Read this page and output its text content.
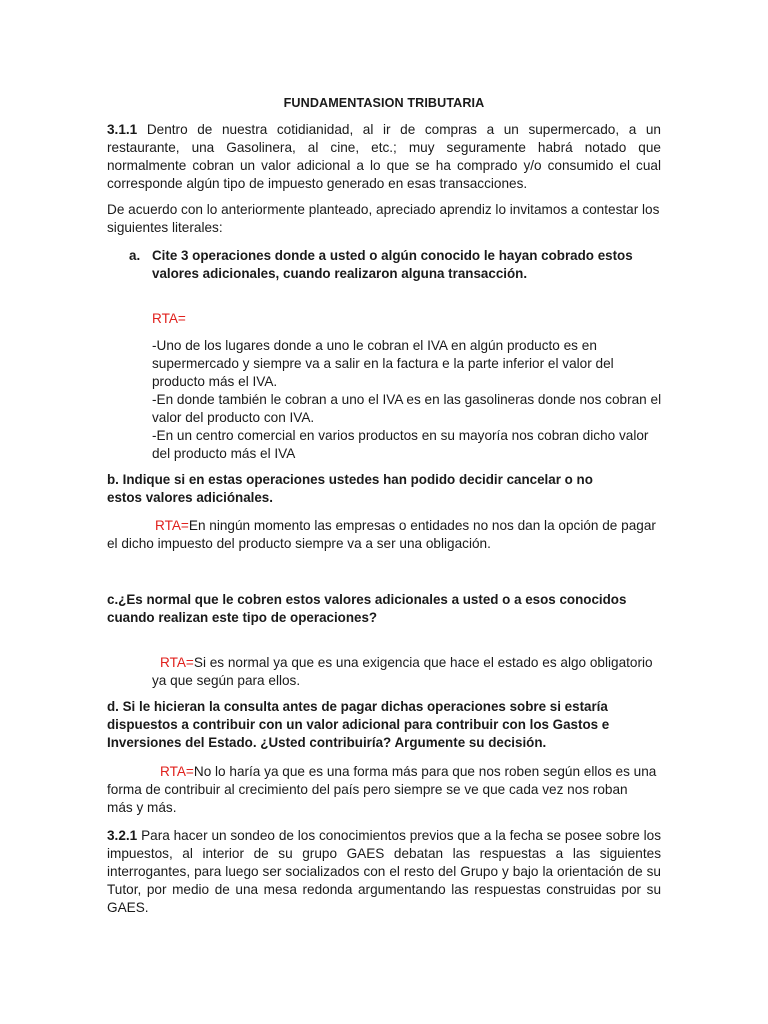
FUNDAMENTASION TRIBUTARIA
3.1.1 Dentro de nuestra cotidianidad, al ir de compras a un supermercado, a un restaurante, una Gasolinera, al cine, etc.; muy seguramente habrá notado que normalmente cobran un valor adicional a lo que se ha comprado y/o consumido el cual corresponde algún tipo de impuesto generado en esas transacciones.
De acuerdo con lo anteriormente planteado, apreciado aprendiz lo invitamos a contestar los siguientes literales:
a. Cite 3 operaciones donde a usted o algún conocido le hayan cobrado estos valores adicionales, cuando realizaron alguna transacción.
RTA=
-Uno de los lugares donde a uno le cobran el IVA en algún producto es en supermercado y siempre va a salir en la factura e la parte inferior el valor del producto más el IVA.
-En donde también le cobran a uno el IVA es en las gasolineras donde nos cobran el valor del producto con IVA.
-En un centro comercial en varios productos en su mayoría nos cobran dicho valor del producto más el IVA
b. Indique si en estas operaciones ustedes han podido decidir cancelar o no estos valores adiciónales.
RTA=En ningún momento las empresas o entidades no nos dan la opción de pagar el dicho impuesto del producto siempre va a ser una obligación.
c.¿Es normal que le cobren estos valores adicionales a usted o a esos conocidos cuando realizan este tipo de operaciones?
RTA=Si es normal ya que es una exigencia que hace el estado es algo obligatorio ya que según para ellos.
d. Si le hicieran la consulta antes de pagar dichas operaciones sobre si estaría dispuestos a contribuir con un valor adicional para contribuir con los Gastos e Inversiones del Estado. ¿Usted contribuiría? Argumente su decisión.
RTA=No lo haría ya que es una forma más para que nos roben según ellos es una forma de contribuir al crecimiento del país pero siempre se ve que cada vez nos roban más y más.
3.2.1 Para hacer un sondeo de los conocimientos previos que a la fecha se posee sobre los impuestos, al interior de su grupo GAES debatan las respuestas a las siguientes interrogantes, para luego ser socializados con el resto del Grupo y bajo la orientación de su Tutor, por medio de una mesa redonda argumentando las respuestas construidas por su GAES.
